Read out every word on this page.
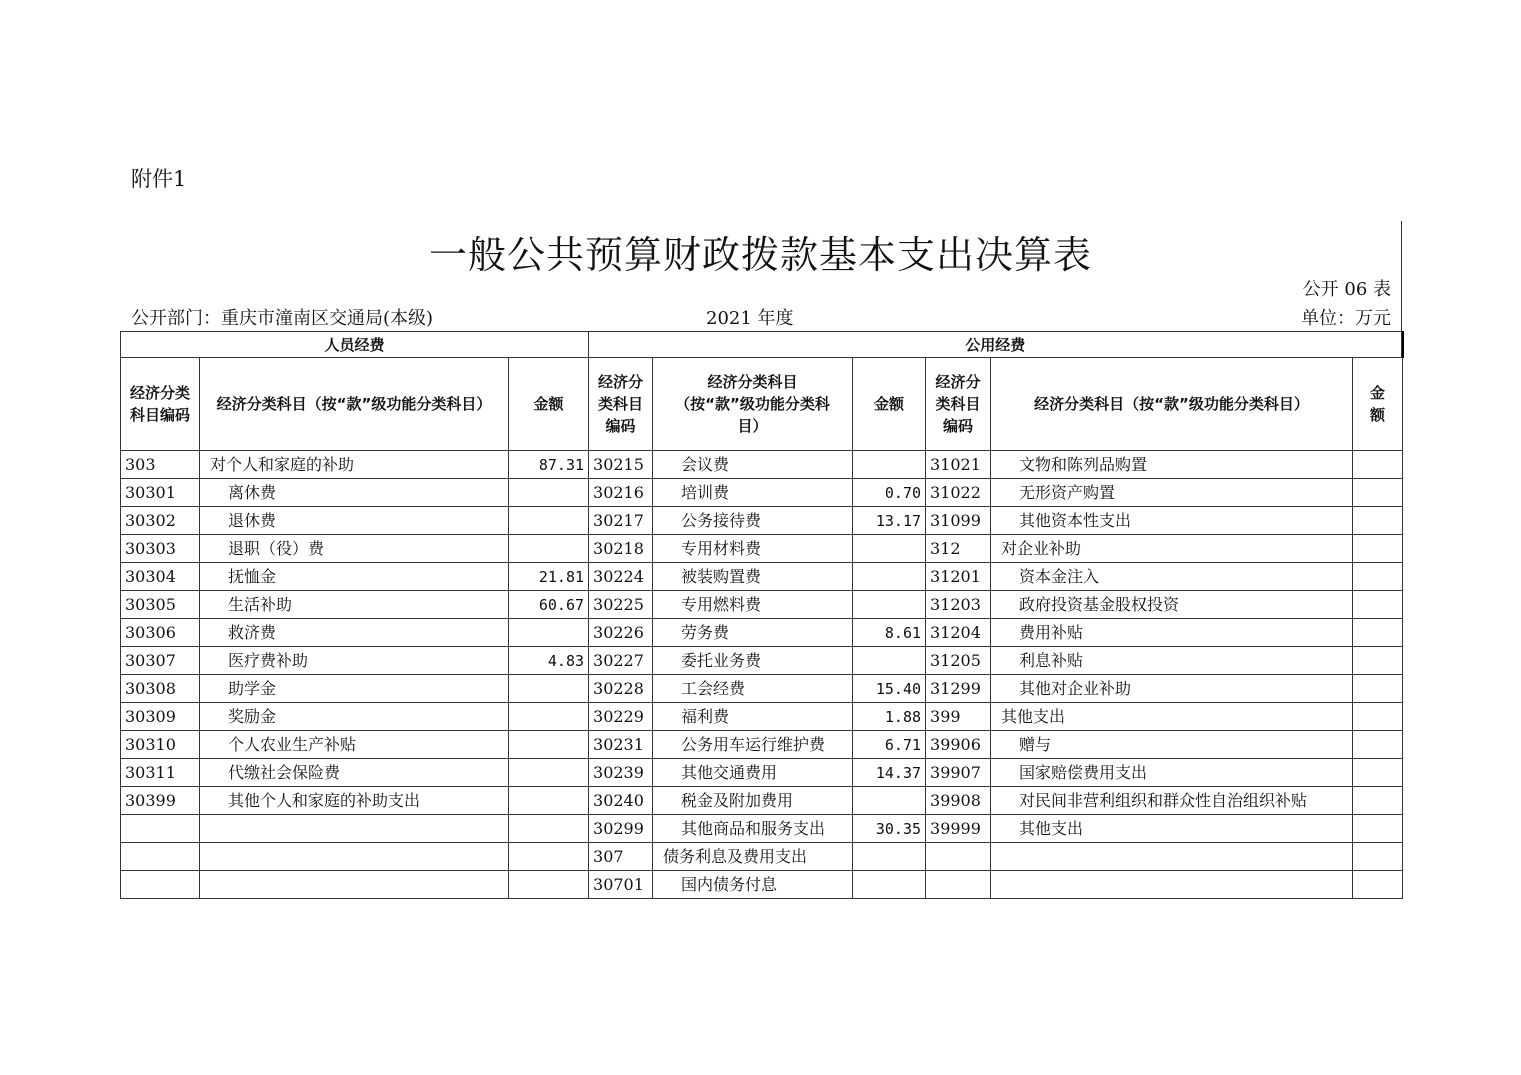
附件1
一般公共预算财政拨款基本支出决算表
公开 06 表
公开部门：重庆市潼南区交通局(本级)	2021 年度	单位：万元
人员经费			公用经费					
经济分类科目编码	经济分类科目（按“款”级功能分类科目）	金额	经济分类科目编码	经济分类科目（按“款”级功能分类科目）	金额	经济分类科目编码	经济分类科目（按“款”级功能分类科目）	金额
303	对个人和家庭的补助	87.31	30215	会议费		31021	文物和陈列品购置	
30301	离休费		30216	培训费	0.70	31022	无形资产购置	
30302	退休费		30217	公务接待费	13.17	31099	其他资本性支出	
30303	退职（役）费		30218	专用材料费		312	对企业补助	
30304	抚恤金	21.81	30224	被装购置费		31201	资本金注入	
30305	生活补助	60.67	30225	专用燃料费		31203	政府投资基金股权投资	
30306	救济费		30226	劳务费	8.61	31204	费用补贴	
30307	医疗费补助	4.83	30227	委托业务费		31205	利息补贴	
30308	助学金		30228	工会经费	15.40	31299	其他对企业补助	
30309	奖励金		30229	福利费	1.88	399	其他支出	
30310	个人农业生产补贴		30231	公务用车运行维护费	6.71	39906	赠与	
30311	代缴社会保险费		30239	其他交通费用	14.37	39907	国家赔偿费用支出	
30399	其他个人和家庭的补助支出		30240	税金及附加费用		39908	对民间非营利组织和群众性自治组织补贴	
			30299	其他商品和服务支出	30.35	39999	其他支出	
			307	债务利息及费用支出				
			30701	国内债务付息				
